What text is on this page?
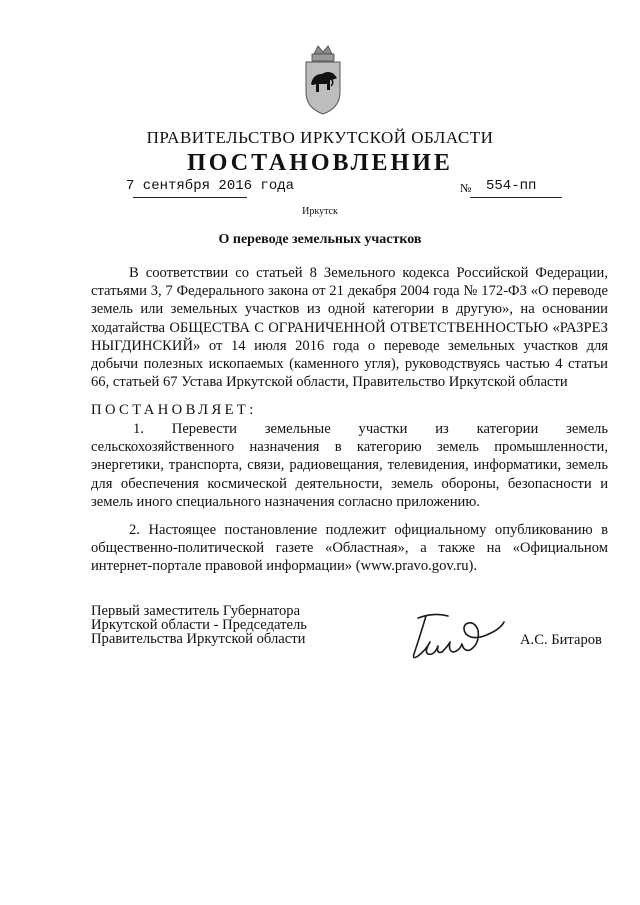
ПРАВИТЕЛЬСТВО ИРКУТСКОЙ ОБЛАСТИ
ПОСТАНОВЛЕНИЕ
7 сентября 2016 года	№ 554-пп
Иркутск
О переводе земельных участков
В соответствии со статьей 8 Земельного кодекса Российской Федерации, статьями 3, 7 Федерального закона от 21 декабря 2004 года № 172-ФЗ «О переводе земель или земельных участков из одной категории в другую», на основании ходатайства ОБЩЕСТВА С ОГРАНИЧЕННОЙ ОТВЕТСТВЕННОСТЬЮ «РАЗРЕЗ НЫГДИНСКИЙ» от 14 июля 2016 года о переводе земельных участков для добычи полезных ископаемых (каменного угля), руководствуясь частью 4 статьи 66, статьей 67 Устава Иркутской области, Правительство Иркутской области
ПОСТАНОВЛЯЕТ:
1. Перевести земельные участки из категории земель сельскохозяйственного назначения в категорию земель промышленности, энергетики, транспорта, связи, радиовещания, телевидения, информатики, земель для обеспечения космической деятельности, земель обороны, безопасности и земель иного специального назначения согласно приложению.
2. Настоящее постановление подлежит официальному опубликованию в общественно-политической газете «Областная», а также на «Официальном интернет-портале правовой информации» (www.pravo.gov.ru).
Первый заместитель Губернатора
Иркутской области - Председатель
Правительства Иркутской области	А.С. Битаров
